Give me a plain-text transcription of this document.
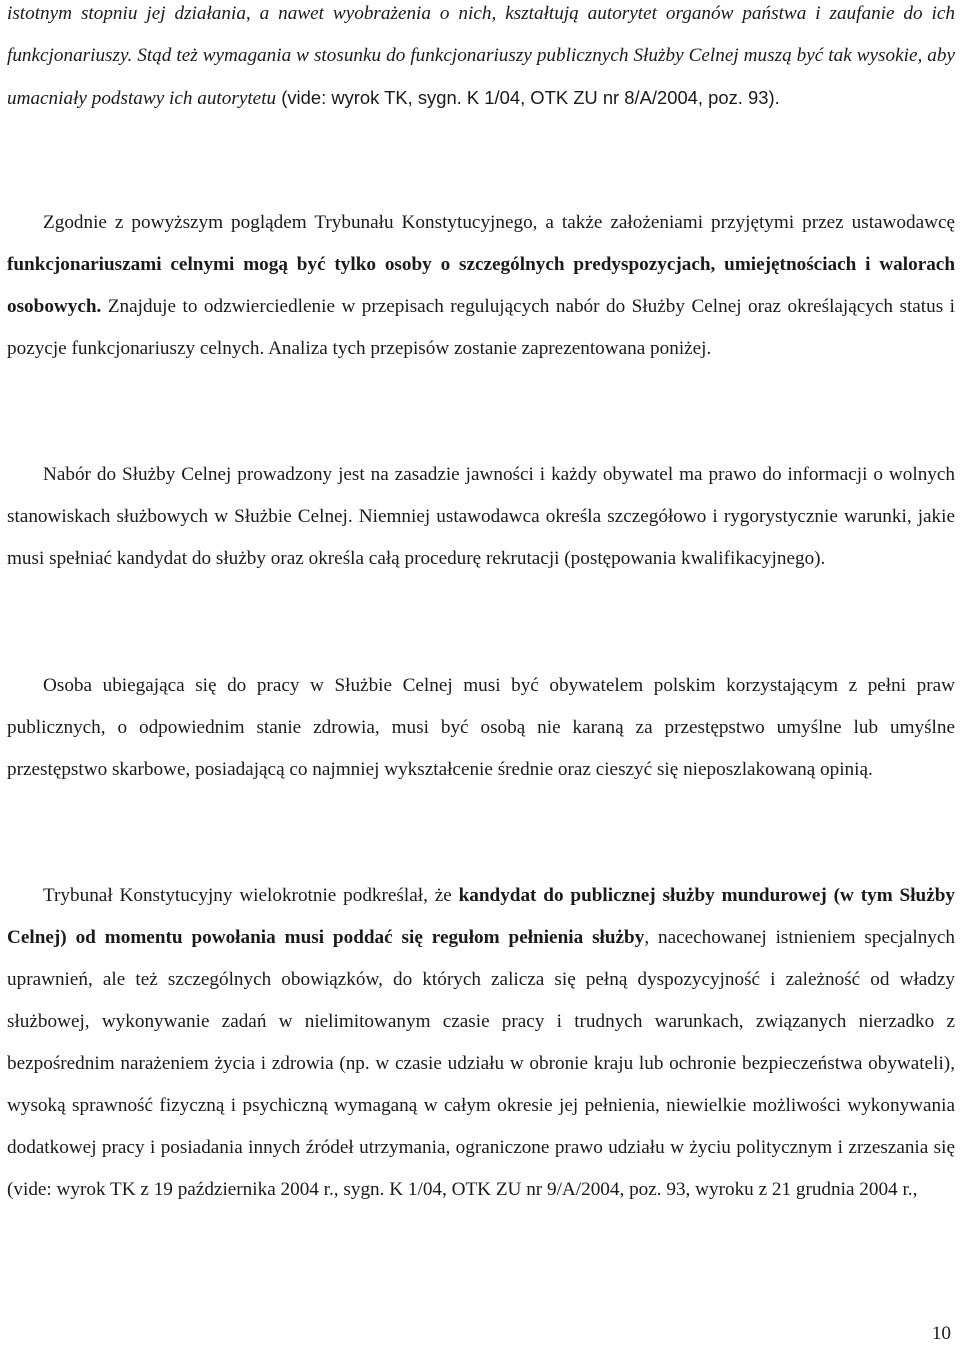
istotnym stopniu jej działania, a nawet wyobrażenia o nich, kształtują autorytet organów państwa i zaufanie do ich funkcjonariuszy. Stąd też wymagania w stosunku do funkcjonariuszy publicznych Służby Celnej muszą być tak wysokie, aby umacniały podstawy ich autorytetu (vide: wyrok TK, sygn. K 1/04, OTK ZU nr 8/A/2004, poz. 93).

Zgodnie z powyższym poglądem Trybunału Konstytucyjnego, a także założeniami przyjętymi przez ustawodawcę funkcjonariuszami celnymi mogą być tylko osoby o szczególnych predyspozycjach, umiejętnościach i walorach osobowych. Znajduje to odzwierciedlenie w przepisach regulujących nabór do Służby Celnej oraz określających status i pozycje funkcjonariuszy celnych. Analiza tych przepisów zostanie zaprezentowana poniżej.

Nabór do Służby Celnej prowadzony jest na zasadzie jawności i każdy obywatel ma prawo do informacji o wolnych stanowiskach służbowych w Służbie Celnej. Niemniej ustawodawca określa szczegółowo i rygorystycznie warunki, jakie musi spełniać kandydat do służby oraz określa całą procedurę rekrutacji (postępowania kwalifikacyjnego).

Osoba ubiegająca się do pracy w Służbie Celnej musi być obywatelem polskim korzystającym z pełni praw publicznych, o odpowiednim stanie zdrowia, musi być osobą nie karaną za przestępstwo umyślne lub umyślne przestępstwo skarbowe, posiadającą co najmniej wykształcenie średnie oraz cieszyć się nieposzlakowaną opinią.

Trybunał Konstytucyjny wielokrotnie podkreślał, że kandydat do publicznej służby mundurowej (w tym Służby Celnej) od momentu powołania musi poddać się regułom pełnienia służby, nacechowanej istnieniem specjalnych uprawnień, ale też szczególnych obowiązków, do których zalicza się pełną dyspozycyjność i zależność od władzy służbowej, wykonywanie zadań w nielimitowanym czasie pracy i trudnych warunkach, związanych nierzadko z bezpośrednim narażeniem życia i zdrowia (np. w czasie udziału w obronie kraju lub ochronie bezpieczeństwa obywateli), wysoką sprawność fizyczną i psychiczną wymaganą w całym okresie jej pełnienia, niewielkie możliwości wykonywania dodatkowej pracy i posiadania innych źródeł utrzymania, ograniczone prawo udziału w życiu politycznym i zrzeszania się (vide: wyrok TK z 19 października 2004 r., sygn. K 1/04, OTK ZU nr 9/A/2004, poz. 93, wyroku z 21 grudnia 2004 r.,

10
